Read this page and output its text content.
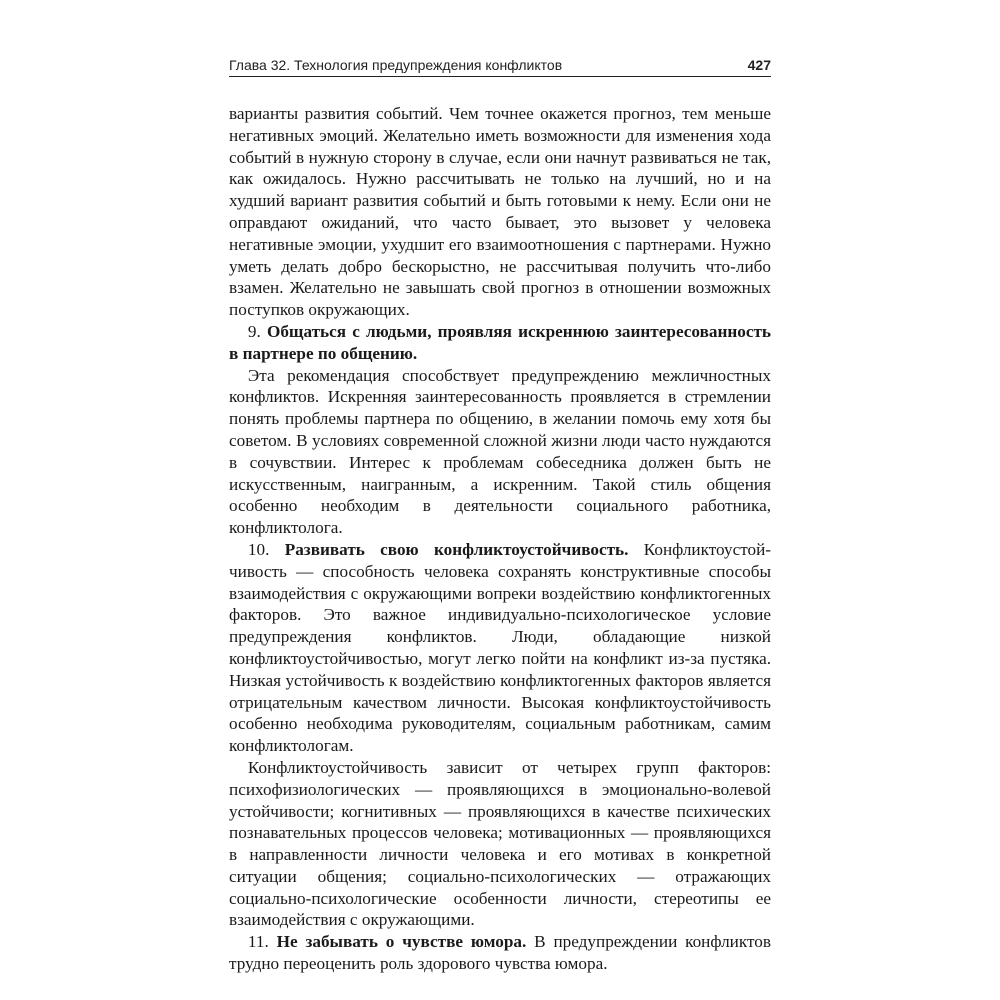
Глава 32. Технология предупреждения конфликтов	427

варианты развития событий. Чем точнее окажется прогноз, тем меньше негативных эмоций. Желательно иметь возможности для изменения хода событий в нужную сторону в случае, если они начнут развиваться не так, как ожидалось. Нужно рассчитывать не только на лучший, но и на худший вариант развития событий и быть готовыми к нему. Если они не оправдают ожиданий, что часто бывает, это вызовет у человека негативные эмоции, ухудшит его взаимоотношения с партнерами. Нужно уметь делать добро бескорыстно, не рассчитывая получить что-либо взамен. Желательно не завышать свой прогноз в отношении возможных поступков окружающих.

9. Общаться с людьми, проявляя искреннюю заинтересованность в партнере по общению.

Эта рекомендация способствует предупреждению межличностных конфликтов. Искренняя заинтересованность проявляется в стремлении понять проблемы партнера по общению, в желании помочь ему хотя бы советом. В условиях современной сложной жизни люди часто нуждаются в сочувствии. Интерес к проблемам собеседника должен быть не искусственным, наигранным, а искренним. Такой стиль общения особенно необходим в деятельности социального работника, конфликтолога.

10. Развивать свою конфликтоустойчивость. Конфликтоустойчивость — способность человека сохранять конструктивные способы взаимодействия с окружающими вопреки воздействию конфликтогенных факторов. Это важное индивидуально-психологическое условие предупреждения конфликтов. Люди, обладающие низкой конфликтоустойчивостью, могут легко пойти на конфликт из-за пустяка. Низкая устойчивость к воздействию конфликтогенных факторов является отрицательным качеством личности. Высокая конфликтоустойчивость особенно необходима руководителям, социальным работникам, самим конфликтологам.

Конфликтоустойчивость зависит от четырех групп факторов: психофизиологических — проявляющихся в эмоционально-волевой устойчивости; когнитивных — проявляющихся в качестве психических познавательных процессов человека; мотивационных — проявляющихся в направленности личности человека и его мотивах в конкретной ситуации общения; социально-психологических — отражающих социально-психологические особенности личности, стереотипы ее взаимодействия с окружающими.

11. Не забывать о чувстве юмора. В предупреждении конфликтов трудно переоценить роль здорового чувства юмора.
